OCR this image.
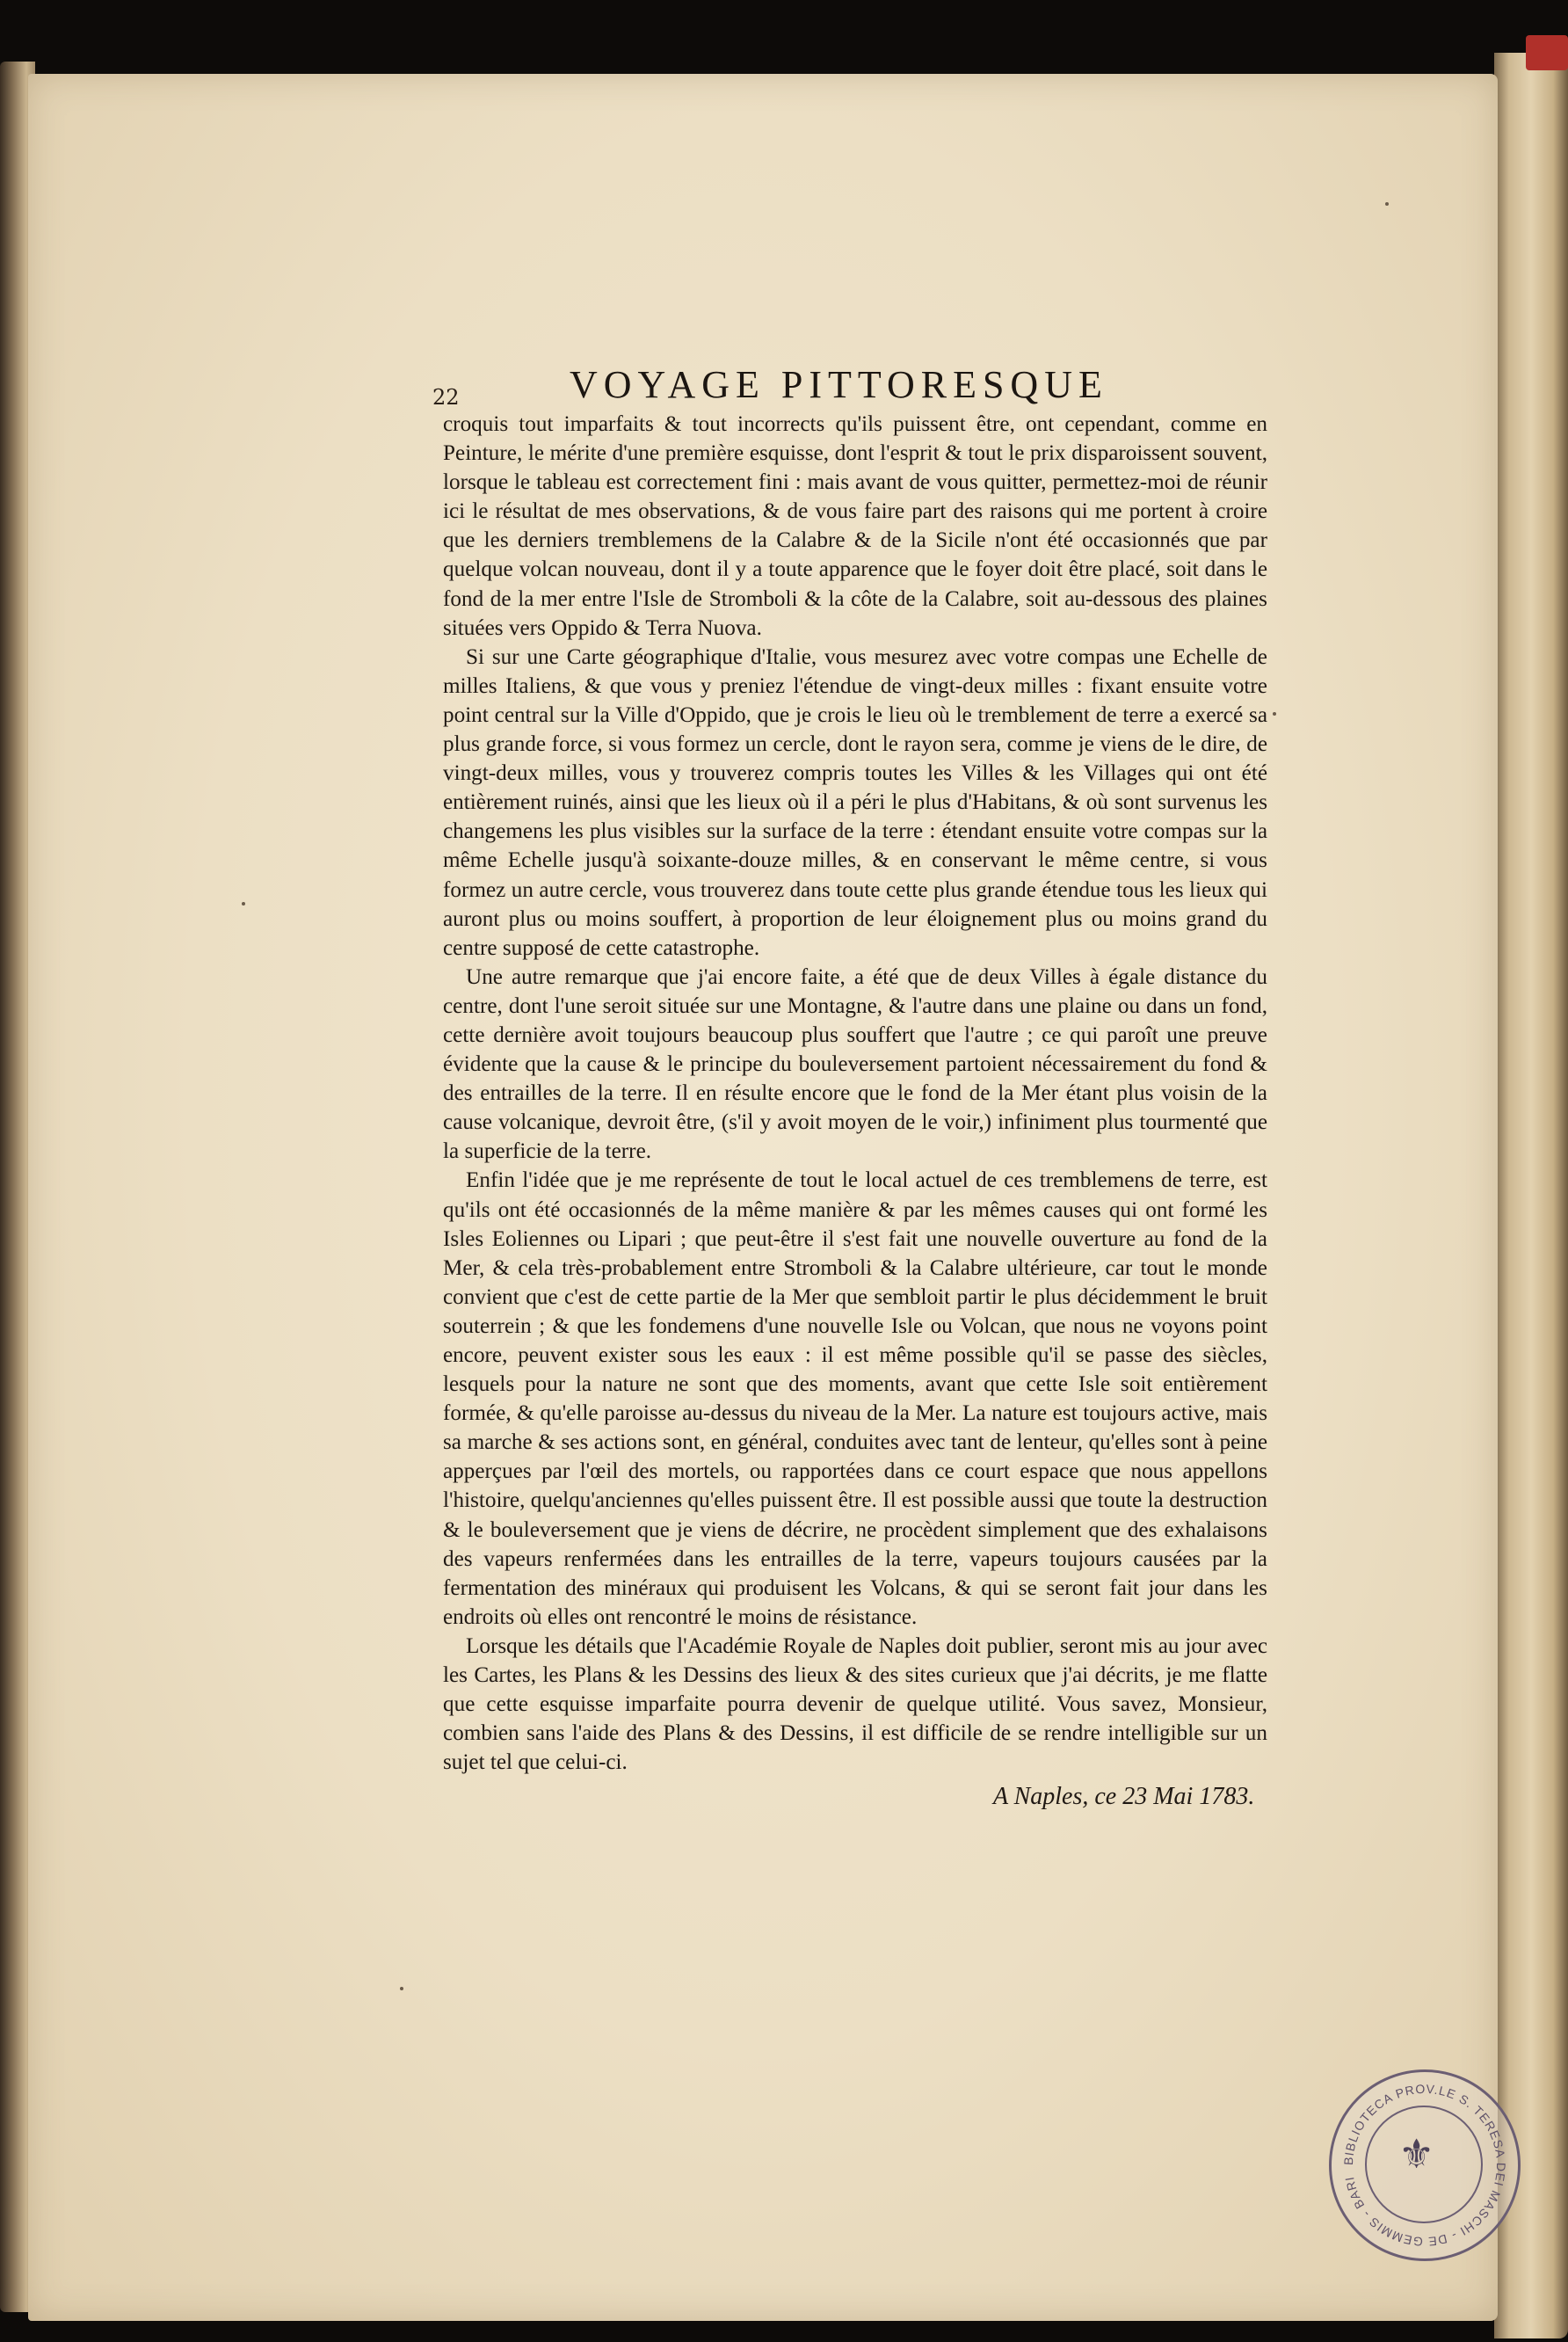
22	VOYAGE PITTORESQUE

croquis tout imparfaits & tout incorrects qu'ils puissent être, ont cependant, comme en Peinture, le mérite d'une première esquisse, dont l'esprit & tout le prix disparoissent souvent, lorsque le tableau est correctement fini : mais avant de vous quitter, permettez-moi de réunir ici le résultat de mes observations, & de vous faire part des raisons qui me portent à croire que les derniers tremblemens de la Calabre & de la Sicile n'ont été occasionnés que par quelque volcan nouveau, dont il y a toute apparence que le foyer doit être placé, soit dans le fond de la mer entre l'Isle de Stromboli & la côte de la Calabre, soit au-dessous des plaines situées vers Oppido & Terra Nuova.

Si sur une Carte géographique d'Italie, vous mesurez avec votre compas une Echelle de milles Italiens, & que vous y preniez l'étendue de vingt-deux milles : fixant ensuite votre point central sur la Ville d'Oppido, que je crois le lieu où le tremblement de terre a exercé sa plus grande force, si vous formez un cercle, dont le rayon sera, comme je viens de le dire, de vingt-deux milles, vous y trouverez compris toutes les Villes & les Villages qui ont été entièrement ruinés, ainsi que les lieux où il a péri le plus d'Habitans, & où sont survenus les changemens les plus visibles sur la surface de la terre : étendant ensuite votre compas sur la même Echelle jusqu'à soixante-douze milles, & en conservant le même centre, si vous formez un autre cercle, vous trouverez dans toute cette plus grande étendue tous les lieux qui auront plus ou moins souffert, à proportion de leur éloignement plus ou moins grand du centre supposé de cette catastrophe.

Une autre remarque que j'ai encore faite, a été que de deux Villes à égale distance du centre, dont l'une seroit située sur une Montagne, & l'autre dans une plaine ou dans un fond, cette dernière avoit toujours beaucoup plus souffert que l'autre ; ce qui paroît une preuve évidente que la cause & le principe du bouleversement partoient nécessairement du fond & des entrailles de la terre. Il en résulte encore que le fond de la Mer étant plus voisin de la cause volcanique, devroit être, (s'il y avoit moyen de le voir,) infiniment plus tourmenté que la superficie de la terre.

Enfin l'idée que je me représente de tout le local actuel de ces tremblemens de terre, est qu'ils ont été occasionnés de la même manière & par les mêmes causes qui ont formé les Isles Eoliennes ou Lipari ; que peut-être il s'est fait une nouvelle ouverture au fond de la Mer, & cela très-probablement entre Stromboli & la Calabre ultérieure, car tout le monde convient que c'est de cette partie de la Mer que sembloit partir le plus décidemment le bruit souterrein ; & que les fondemens d'une nouvelle Isle ou Volcan, que nous ne voyons point encore, peuvent exister sous les eaux : il est même possible qu'il se passe des siècles, lesquels pour la nature ne sont que des moments, avant que cette Isle soit entièrement formée, & qu'elle paroisse au-dessus du niveau de la Mer. La nature est toujours active, mais sa marche & ses actions sont, en général, conduites avec tant de lenteur, qu'elles sont à peine apperçues par l'œil des mortels, ou rapportées dans ce court espace que nous appellons l'histoire, quelqu'anciennes qu'elles puissent être. Il est possible aussi que toute la destruction & le bouleversement que je viens de décrire, ne procèdent simplement que des exhalaisons des vapeurs renfermées dans les entrailles de la terre, vapeurs toujours causées par la fermentation des minéraux qui produisent les Volcans, & qui se seront fait jour dans les endroits où elles ont rencontré le moins de résistance.

Lorsque les détails que l'Académie Royale de Naples doit publier, seront mis au jour avec les Cartes, les Plans & les Dessins des lieux & des sites curieux que j'ai décrits, je me flatte que cette esquisse imparfaite pourra devenir de quelque utilité. Vous savez, Monsieur, combien sans l'aide des Plans & des Dessins, il est difficile de se rendre intelligible sur un sujet tel que celui-ci.

A Naples, ce 23 Mai 1783.
BIBLIOTECA PROV.LE S. TERESA DEI MASCHI - DE GEMMIS - BARI
⚜
